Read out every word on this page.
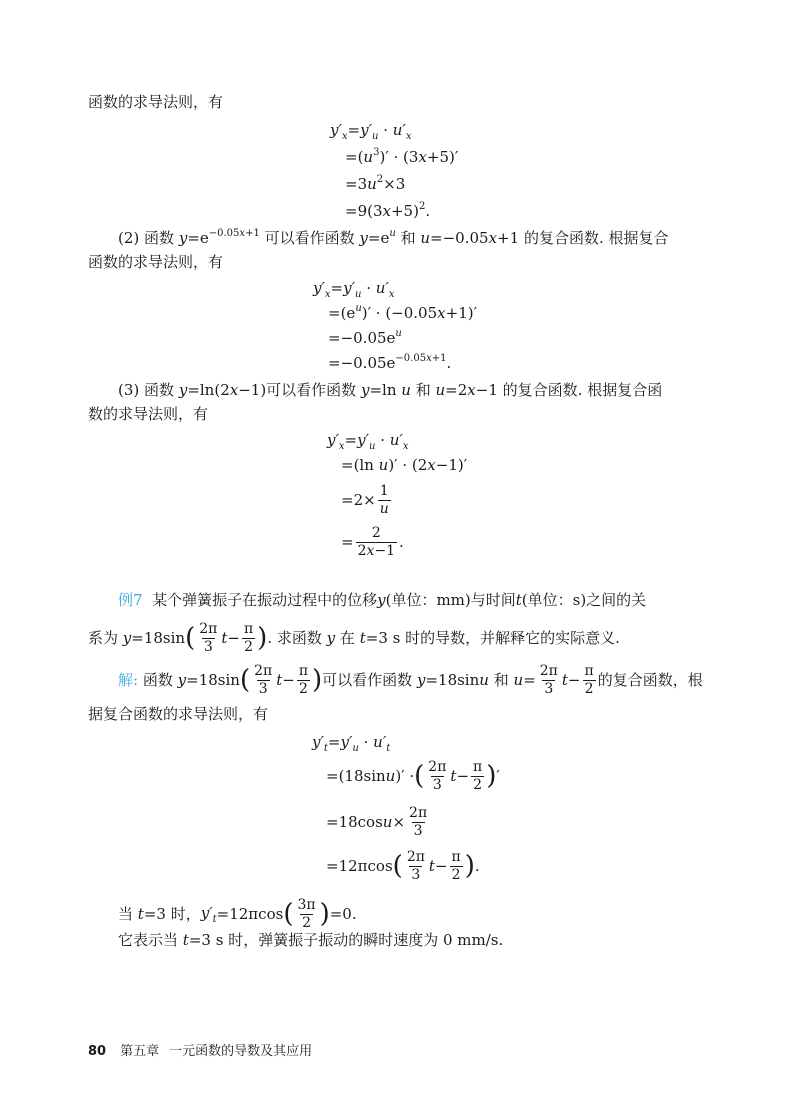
函数的求导法则，有
$y'_x=y'_u \cdot u'_x$
$=(u^3)' \cdot (3x+5)'$
$=3u^2\times 3$
$=9(3x+5)^2$.
(2) 函数 $y=e^{-0.05x+1}$ 可以看作函数 $y=e^u$ 和 u=−0.05x+1 的复合函数. 根据复合
函数的求导法则，有
$y'_x=y'_u \cdot u'_x$
$=(e^u)' \cdot (-0.05x+1)'$
$=-0.05e^u$
$=-0.05e^{-0.05x+1}$.
(3) 函数 y=ln(2x−1)可以看作函数 y=ln u 和 u=2x−1 的复合函数. 根据复合函
数的求导法则，有
$y'_x=y'_u \cdot u'_x$
=(ln u)′ · (2x−1)′
$=2\times \frac{1}{u}$
= $\frac{2}{2x-1}$ .
例7 某个弹簧振子在振动过程中的位移y(单位：mm)与时间t(单位：s)之间的关
系为
y =18sin ( $\frac{2\pi}{3}$ $t - \frac{\pi}{2}$ ) . 求函数
y
在
t =3 s 时的导数，并解释它的实际意义.
解:
函数
y =18sin ( $\frac{2\pi}{3}$ $t - \frac{\pi}{2}$ ) 可以看作函数
y =18sin u
和
$u = \frac{2\pi}{3}$ $t - \frac{\pi}{2}$ 的复合函数，根
据复合函数的求导法则，有
$y'_t=y'_u \cdot u'_t$
=(18sin u )′ · ( $\frac{2\pi}{3}$ $t - \frac{\pi}{2}$ ) ′
=18cos $u \times \frac{2\pi}{3}$
=12πcos ( $\frac{2\pi}{3}$ $t - \frac{\pi}{2}$ ) .
当
t =3 时， $y'_t =12\pi\cos$ ( $\frac{3\pi}{2}$ ) =0.
它表示当 t=3 s 时，弹簧振子振动的瞬时速度为 0 mm/s.
80 第五章 一元函数的导数及其应用
